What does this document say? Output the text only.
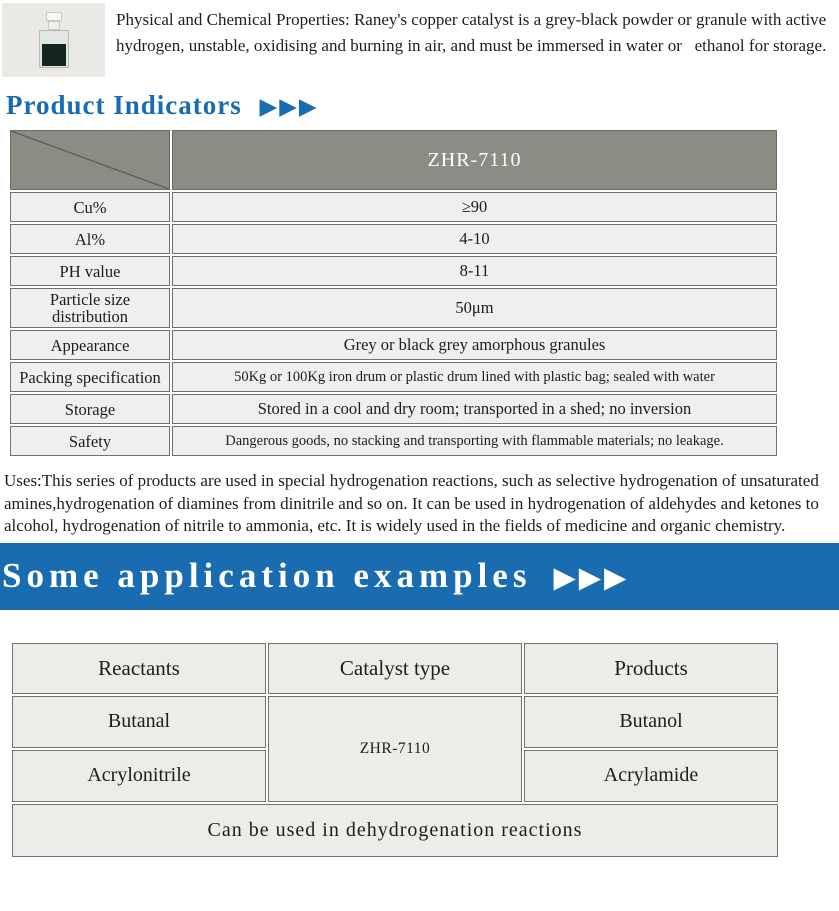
Physical and Chemical Properties: Raney's copper catalyst is a grey-black powder or granule with active hydrogen, unstable, oxidising and burning in air, and must be immersed in water or   ethanol for storage.

Product Indicators ▶▶▶
	ZHR-7110
Cu%	≥90
Al%	4-10
PH value	8-11
Particle size distribution	50μm
Appearance	Grey or black grey amorphous granules
Packing specification	50Kg or 100Kg iron drum or plastic drum lined with plastic bag; sealed with water
Storage	Stored in a cool and dry room; transported in a shed; no inversion
Safety	Dangerous goods, no stacking and transporting with flammable materials; no leakage.

Uses:This series of products are used in special hydrogenation reactions, such as selective hydrogenation of unsaturated amines,hydrogenation of diamines from dinitrile and so on. It can be used in hydrogenation of aldehydes and ketones to alcohol, hydrogenation of nitrile to ammonia, etc. It is widely used in the fields of medicine and organic chemistry.

Some application examples ▶▶▶
Reactants	Catalyst type	Products
Butanal	ZHR-7110	Butanol
Acrylonitrile		Acrylamide
Can be used in dehydrogenation reactions		
